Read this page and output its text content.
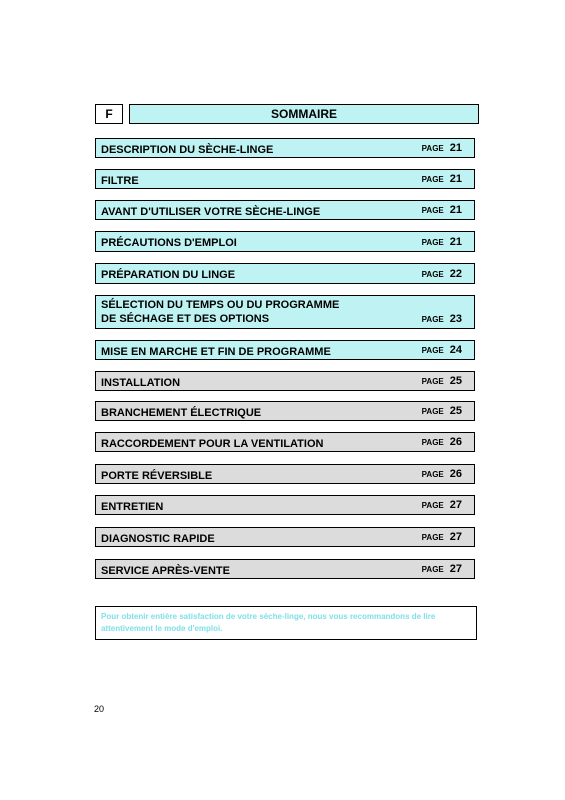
F	SOMMAIRE
DESCRIPTION DU SÈCHE-LINGE	PAGE 21
FILTRE	PAGE 21
AVANT D'UTILISER VOTRE SÈCHE-LINGE	PAGE 21
PRÉCAUTIONS D'EMPLOI	PAGE 21
PRÉPARATION DU LINGE	PAGE 22
SÉLECTION DU TEMPS OU DU PROGRAMME
DE SÉCHAGE ET DES OPTIONS	PAGE 23
MISE EN MARCHE ET FIN DE PROGRAMME	PAGE 24
INSTALLATION	PAGE 25
BRANCHEMENT ÉLECTRIQUE	PAGE 25
RACCORDEMENT POUR LA VENTILATION	PAGE 26
PORTE RÉVERSIBLE	PAGE 26
ENTRETIEN	PAGE 27
DIAGNOSTIC RAPIDE	PAGE 27
SERVICE APRÈS-VENTE	PAGE 27
Pour obtenir entière satisfaction de votre sèche-linge, nous vous recommandons de lire attentivement le mode d'emploi.
20
